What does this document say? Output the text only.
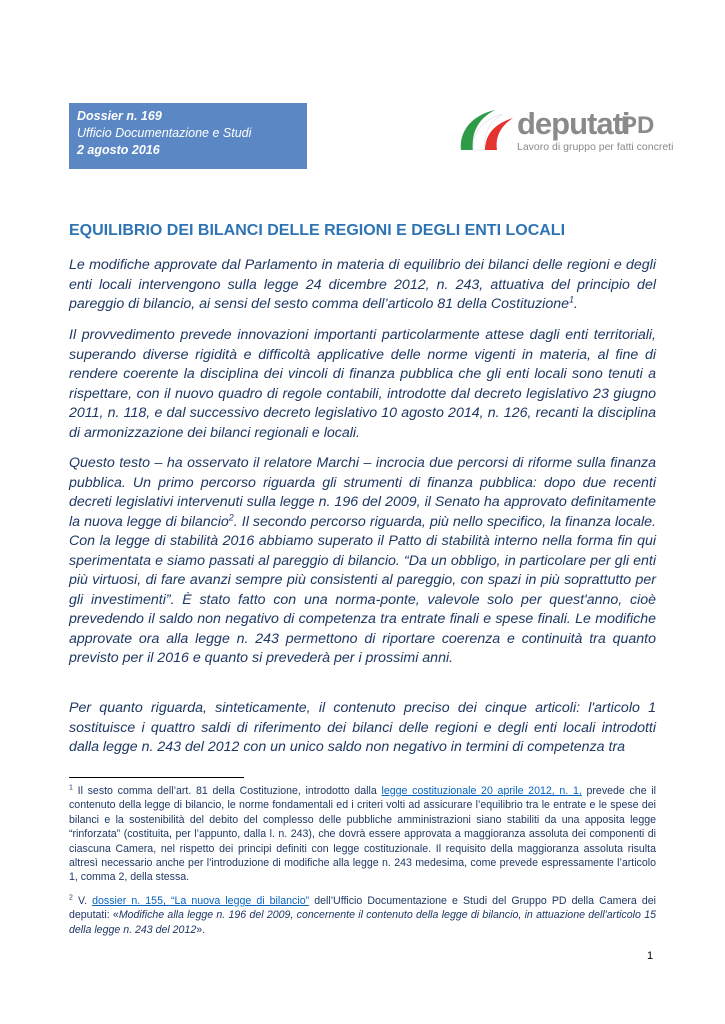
Dossier n. 169
Ufficio Documentazione e Studi
2 agosto 2016
deputati
PD
Lavoro di gruppo per fatti concreti
EQUILIBRIO DEI BILANCI DELLE REGIONI E DEGLI ENTI LOCALI

Le modifiche approvate dal Parlamento in materia di equilibrio dei bilanci delle regioni e degli enti locali intervengono sulla legge 24 dicembre 2012, n. 243, attuativa del principio del pareggio di bilancio, ai sensi del sesto comma dell’articolo 81 della Costituzione$^1$.

Il provvedimento prevede innovazioni importanti particolarmente attese dagli enti territoriali, superando diverse rigidità e difficoltà applicative delle norme vigenti in materia, al fine di rendere coerente la disciplina dei vincoli di finanza pubblica che gli enti locali sono tenuti a rispettare, con il nuovo quadro di regole contabili, introdotte dal decreto legislativo 23 giugno 2011, n. 118, e dal successivo decreto legislativo 10 agosto 2014, n. 126, recanti la disciplina di armonizzazione dei bilanci regionali e locali.

Questo testo – ha osservato il relatore Marchi – incrocia due percorsi di riforme sulla finanza pubblica. Un primo percorso riguarda gli strumenti di finanza pubblica: dopo due recenti decreti legislativi intervenuti sulla legge n. 196 del 2009, il Senato ha approvato definitamente la nuova legge di bilancio$^2$. Il secondo percorso riguarda, più nello specifico, la finanza locale. Con la legge di stabilità 2016 abbiamo superato il Patto di stabilità interno nella forma fin qui sperimentata e siamo passati al pareggio di bilancio. “Da un obbligo, in particolare per gli enti più virtuosi, di fare avanzi sempre più consistenti al pareggio, con spazi in più soprattutto per gli investimenti”. È stato fatto con una norma-ponte, valevole solo per quest'anno, cioè prevedendo il saldo non negativo di competenza tra entrate finali e spese finali. Le modifiche approvate ora alla legge n. 243 permettono di riportare coerenza e continuità tra quanto previsto per il 2016 e quanto si prevederà per i prossimi anni.

Per quanto riguarda, sinteticamente, il contenuto preciso dei cinque articoli: l'articolo 1 sostituisce i quattro saldi di riferimento dei bilanci delle regioni e degli enti locali introdotti dalla legge n. 243 del 2012 con un unico saldo non negativo in termini di competenza tra

$^1$ Il sesto comma dell’art. 81 della Costituzione, introdotto dalla legge costituzionale 20 aprile 2012, n. 1, prevede che il contenuto della legge di bilancio, le norme fondamentali ed i criteri volti ad assicurare l’equilibrio tra le entrate e le spese dei bilanci e la sostenibilità del debito del complesso delle pubbliche amministrazioni siano stabiliti da una apposita legge “rinforzata” (costituita, per l’appunto, dalla l. n. 243), che dovrà essere approvata a maggioranza assoluta dei componenti di ciascuna Camera, nel rispetto dei principi definiti con legge costituzionale. Il requisito della maggioranza assoluta risulta altresì necessario anche per l’introduzione di modifiche alla legge n. 243 medesima, come prevede espressamente l’articolo 1, comma 2, della stessa.

$^2$ V. dossier n. 155, “La nuova legge di bilancio” dell’Ufficio Documentazione e Studi del Gruppo PD della Camera dei deputati: «Modifiche alla legge n. 196 del 2009, concernente il contenuto della legge di bilancio, in attuazione dell'articolo 15 della legge n. 243 del 2012».

1
